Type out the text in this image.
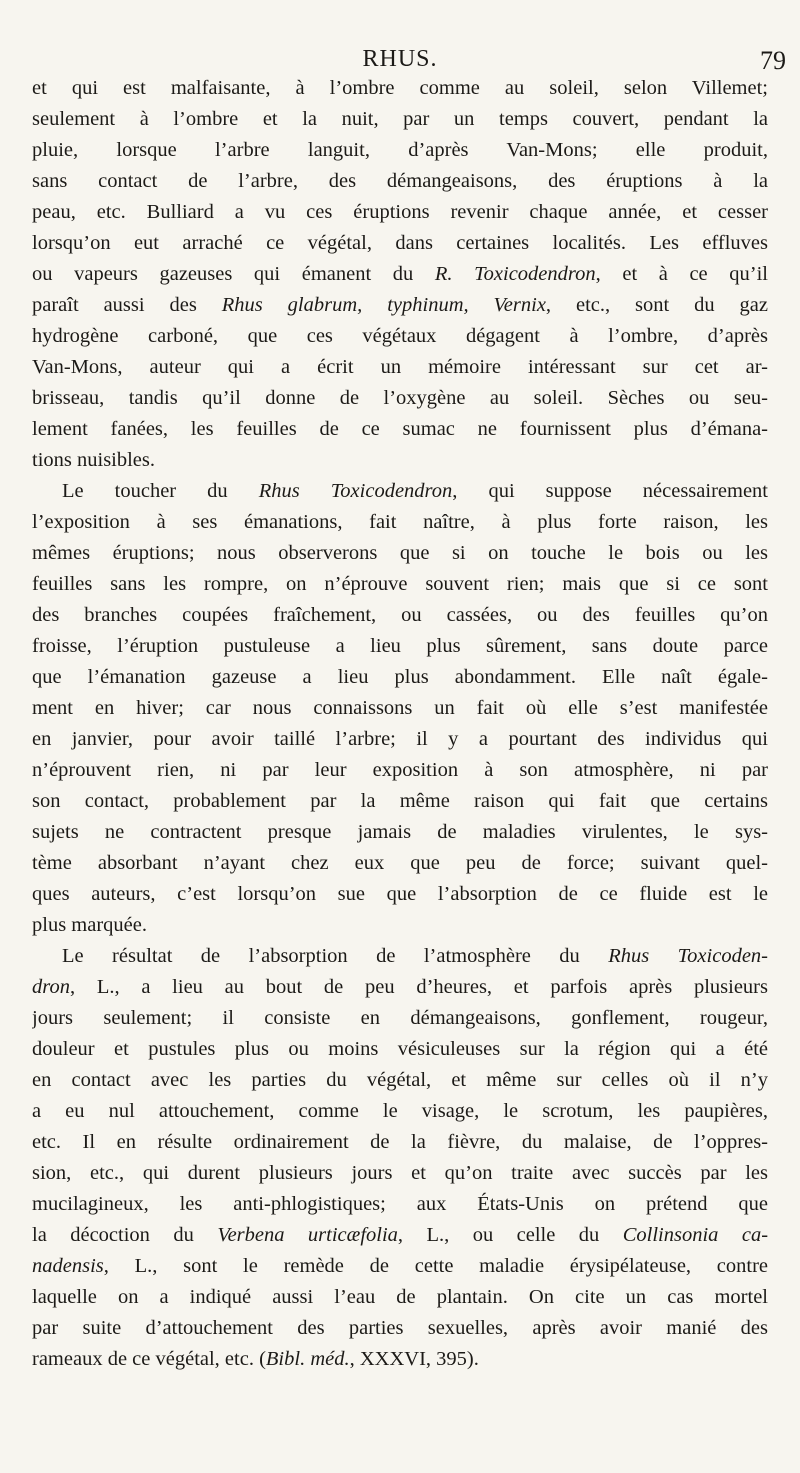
RHUS.	79
et qui est malfaisante, à l’ombre comme au soleil, selon Villemet;
seulement à l’ombre et la nuit, par un temps couvert, pendant la
pluie, lorsque l’arbre languit, d’après Van-Mons; elle produit,
sans contact de l’arbre, des démangeaisons, des éruptions à la
peau, etc. Bulliard a vu ces éruptions revenir chaque année, et cesser
lorsqu’on eut arraché ce végétal, dans certaines localités. Les effluves
ou vapeurs gazeuses qui émanent du R. Toxicodendron, et à ce qu’il
paraît aussi des Rhus glabrum, typhinum, Vernix, etc., sont du gaz
hydrogène carboné, que ces végétaux dégagent à l’ombre, d’après
Van-Mons, auteur qui a écrit un mémoire intéressant sur cet ar-
brisseau, tandis qu’il donne de l’oxygène au soleil. Sèches ou seu-
lement fanées, les feuilles de ce sumac ne fournissent plus d’émana-
tions nuisibles.
Le toucher du Rhus Toxicodendron, qui suppose nécessairement
l’exposition à ses émanations, fait naître, à plus forte raison, les
mêmes éruptions; nous observerons que si on touche le bois ou les
feuilles sans les rompre, on n’éprouve souvent rien; mais que si ce sont
des branches coupées fraîchement, ou cassées, ou des feuilles qu’on
froisse, l’éruption pustuleuse a lieu plus sûrement, sans doute parce
que l’émanation gazeuse a lieu plus abondamment. Elle naît égale-
ment en hiver; car nous connaissons un fait où elle s’est manifestée
en janvier, pour avoir taillé l’arbre; il y a pourtant des individus qui
n’éprouvent rien, ni par leur exposition à son atmosphère, ni par
son contact, probablement par la même raison qui fait que certains
sujets ne contractent presque jamais de maladies virulentes, le sys-
tème absorbant n’ayant chez eux que peu de force; suivant quel-
ques auteurs, c’est lorsqu’on sue que l’absorption de ce fluide est le
plus marquée.
Le résultat de l’absorption de l’atmosphère du Rhus Toxicoden-
dron, L., a lieu au bout de peu d’heures, et parfois après plusieurs
jours seulement; il consiste en démangeaisons, gonflement, rougeur,
douleur et pustules plus ou moins vésiculeuses sur la région qui a été
en contact avec les parties du végétal, et même sur celles où il n’y
a eu nul attouchement, comme le visage, le scrotum, les paupières,
etc. Il en résulte ordinairement de la fièvre, du malaise, de l’oppres-
sion, etc., qui durent plusieurs jours et qu’on traite avec succès par les
mucilagineux, les anti-phlogistiques; aux États-Unis on prétend que
la décoction du Verbena urticæfolia, L., ou celle du Collinsonia ca-
nadensis, L., sont le remède de cette maladie érysipélateuse, contre
laquelle on a indiqué aussi l’eau de plantain. On cite un cas mortel
par suite d’attouchement des parties sexuelles, après avoir manié des
rameaux de ce végétal, etc. (Bibl. méd., XXXVI, 395).
